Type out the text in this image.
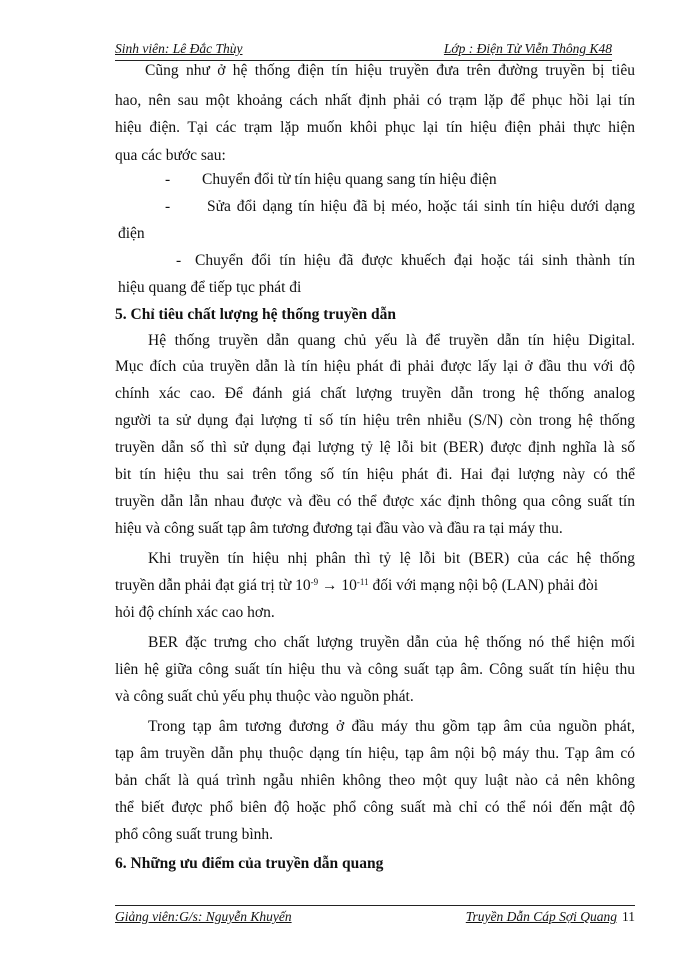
Sinh viên: Lê Đắc Thùy	Lớp : Điện Tử Viễn Thông K48
Cũng như ở hệ thống điện tín hiệu truyền đưa trên đường truyền bị tiêu
hao, nên sau một khoảng cách nhất định phải có trạm lặp để phục hồi lại tín
hiệu điện. Tại các trạm lặp muốn khôi phục lại tín hiệu điện phải thực hiện
qua các bước sau:
- Chuyển đổi từ tín hiệu quang sang tín hiệu điện
- Sửa đổi dạng tín hiệu đã bị méo, hoặc tái sinh tín hiệu dưới dạng
điện
- Chuyển đổi tín hiệu đã được khuếch đại hoặc tái sinh thành tín
hiệu quang để tiếp tục phát đi
5. Chỉ tiêu chất lượng hệ thống truyền dẫn
Hệ thống truyền dẫn quang chủ yếu là để truyền dẫn tín hiệu Digital.
Mục đích của truyền dẫn là tín hiệu phát đi phải được lấy lại ở đầu thu với độ
chính xác cao. Để đánh giá chất lượng truyền dẫn trong hệ thống analog
người ta sử dụng đại lượng tỉ số tín hiệu trên nhiễu (S/N) còn trong hệ thống
truyền dẫn số thì sử dụng đại lượng tỷ lệ lỗi bit (BER) được định nghĩa là số
bit tín hiệu thu sai trên tổng số tín hiệu phát đi. Hai đại lượng này có thể
truyền dẫn lẫn nhau được và đều có thể được xác định thông qua công suất tín
hiệu và công suất tạp âm tương đương tại đầu vào và đầu ra tại máy thu.
Khi truyền tín hiệu nhị phân thì tỷ lệ lỗi bit (BER) của các hệ thống
truyền dẫn phải đạt giá trị từ $10^{-9} \to 10^{-11}$ đối với mạng nội bộ (LAN) phải đòi
hỏi độ chính xác cao hơn.
BER đặc trưng cho chất lượng truyền dẫn của hệ thống nó thể hiện mối
liên hệ giữa công suất tín hiệu thu và công suất tạp âm. Công suất tín hiệu thu
và công suất chủ yếu phụ thuộc vào nguồn phát.
Trong tạp âm tương đương ở đầu máy thu gồm tạp âm của nguồn phát,
tạp âm truyền dẫn phụ thuộc dạng tín hiệu, tạp âm nội bộ máy thu. Tạp âm có
bản chất là quá trình ngẫu nhiên không theo một quy luật nào cả nên không
thể biết được phổ biên độ hoặc phổ công suất mà chỉ có thể nói đến mật độ
phổ công suất trung bình.
6. Những ưu điểm của truyền dẫn quang
Giảng viên:G/s: Nguyễn Khuyến	Truyền Dẫn Cáp Sợi Quang 11
